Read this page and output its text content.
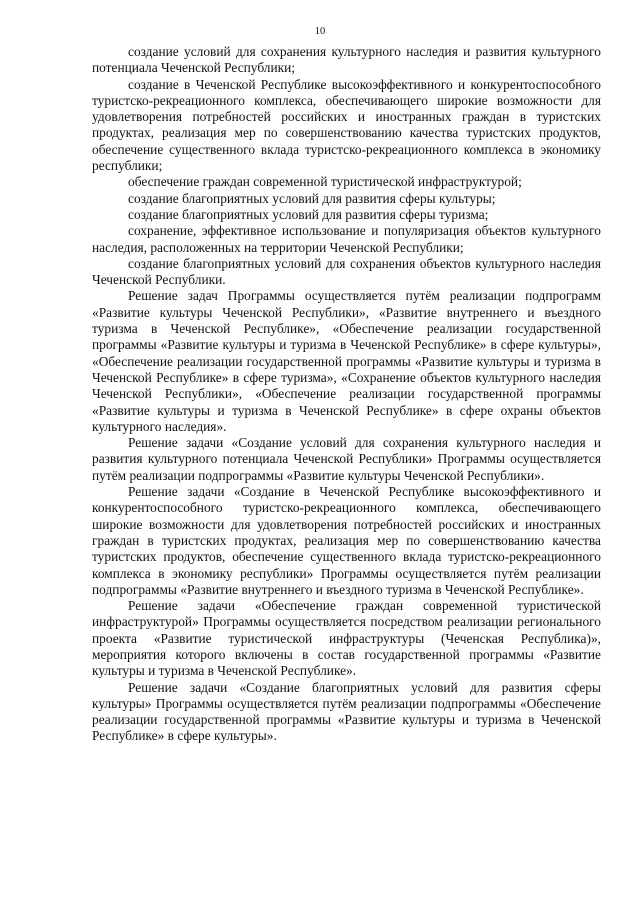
10

создание условий для сохранения культурного наследия и развития культурного потенциала Чеченской Республики;

создание в Чеченской Республике высокоэффективного и конкурентоспособного туристско-рекреационного комплекса, обеспечивающего широкие возможности для удовлетворения потребностей российских и иностранных граждан в туристских продуктах, реализация мер по совершенствованию качества туристских продуктов, обеспечение существенного вклада туристско-рекреационного комплекса в экономику республики;

обеспечение граждан современной туристической инфраструктурой;

создание благоприятных условий для развития сферы культуры;

создание благоприятных условий для развития сферы туризма;

сохранение, эффективное использование и популяризация объектов культурного наследия, расположенных на территории Чеченской Республики;

создание благоприятных условий для сохранения объектов культурного наследия Чеченской Республики.

Решение задач Программы осуществляется путём реализации подпрограмм «Развитие культуры Чеченской Республики», «Развитие внутреннего и въездного туризма в Чеченской Республике», «Обеспечение реализации государственной программы «Развитие культуры и туризма в Чеченской Республике» в сфере культуры», «Обеспечение реализации государственной программы «Развитие культуры и туризма в Чеченской Республике» в сфере туризма», «Сохранение объектов культурного наследия Чеченской Республики», «Обеспечение реализации государственной программы «Развитие культуры и туризма в Чеченской Республике» в сфере охраны объектов культурного наследия».

Решение задачи «Создание условий для сохранения культурного наследия и развития культурного потенциала Чеченской Республики» Программы осуществляется путём реализации подпрограммы «Развитие культуры Чеченской Республики».

Решение задачи «Создание в Чеченской Республике высокоэффективного и конкурентоспособного туристско-рекреационного комплекса, обеспечивающего широкие возможности для удовлетворения потребностей российских и иностранных граждан в туристских продуктах, реализация мер по совершенствованию качества туристских продуктов, обеспечение существенного вклада туристско-рекреационного комплекса в экономику республики» Программы осуществляется путём реализации подпрограммы «Развитие внутреннего и въездного туризма в Чеченской Республике».

Решение задачи «Обеспечение граждан современной туристической инфраструктурой» Программы осуществляется посредством реализации регионального проекта «Развитие туристической инфраструктуры (Чеченская Республика)», мероприятия которого включены в состав государственной программы «Развитие культуры и туризма в Чеченской Республике».

Решение задачи «Создание благоприятных условий для развития сферы культуры» Программы осуществляется путём реализации подпрограммы «Обеспечение реализации государственной программы «Развитие культуры и туризма в Чеченской Республике» в сфере культуры».
